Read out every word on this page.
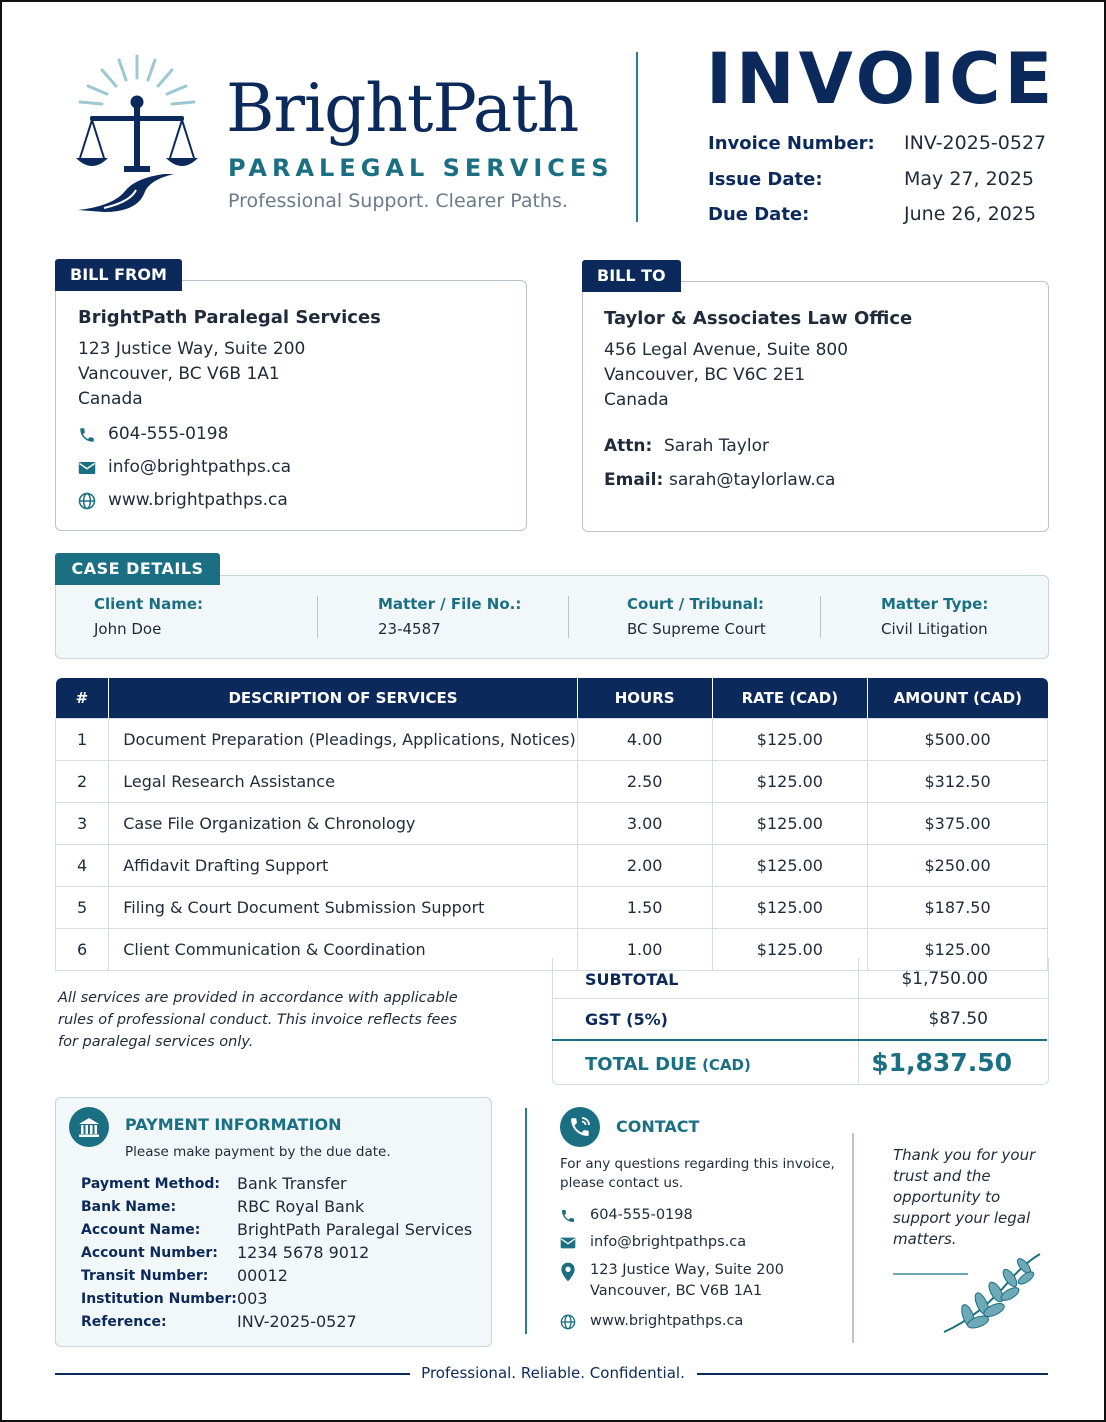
BrightPath
PARALEGAL SERVICES
Professional Support. Clearer Paths.
INVOICE
Invoice Number: INV-2025-0527
Issue Date:	May 27, 2025
Due Date:	June 26, 2025
BILL FROM
BrightPath Paralegal Services
123 Justice Way, Suite 200
Vancouver, BC V6B 1A1
Canada
604-555-0198
info@brightpathps.ca
www.brightpathps.ca
BILL TO
Taylor & Associates Law Office
456 Legal Avenue, Suite 800
Vancouver, BC V6C 2E1
Canada
Attn: Sarah Taylor
Email: sarah@taylorlaw.ca
CASE DETAILS
Client Name:
John Doe
Matter / File No.:
23-4587
Court / Tribunal:
BC Supreme Court
Matter Type:
Civil Litigation
#	DESCRIPTION OF SERVICES	HOURS	RATE (CAD)	AMOUNT (CAD)
1	Document Preparation (Pleadings, Applications, Notices)	4.00	$125.00	$500.00
2	Legal Research Assistance	2.50	$125.00	$312.50
3	Case File Organization & Chronology	3.00	$125.00	$375.00
4	Affidavit Drafting Support	2.00	$125.00	$250.00
5	Filing & Court Document Submission Support	1.50	$125.00	$187.50
6	Client Communication & Coordination	1.00	$125.00	$125.00
SUBTOTAL	$1,750.00
GST (5%)	$87.50
TOTAL DUE (CAD)	$1,837.50
All services are provided in accordance with applicable rules of professional conduct. This invoice reflects fees for paralegal services only.
PAYMENT INFORMATION
Please make payment by the due date.
Payment Method: Bank Transfer
Bank Name:	RBC Royal Bank
Account Name: BrightPath Paralegal Services
Account Number: 1234 5678 9012
Transit Number: 00012
Institution Number: 003
Reference:	INV-2025-0527
CONTACT
For any questions regarding this invoice,
please contact us.
604-555-0198
info@brightpathps.ca
123 Justice Way, Suite 200
Vancouver, BC V6B 1A1
www.brightpathps.ca
Thank you for your trust and the opportunity to support your legal matters.
Professional. Reliable. Confidential.
